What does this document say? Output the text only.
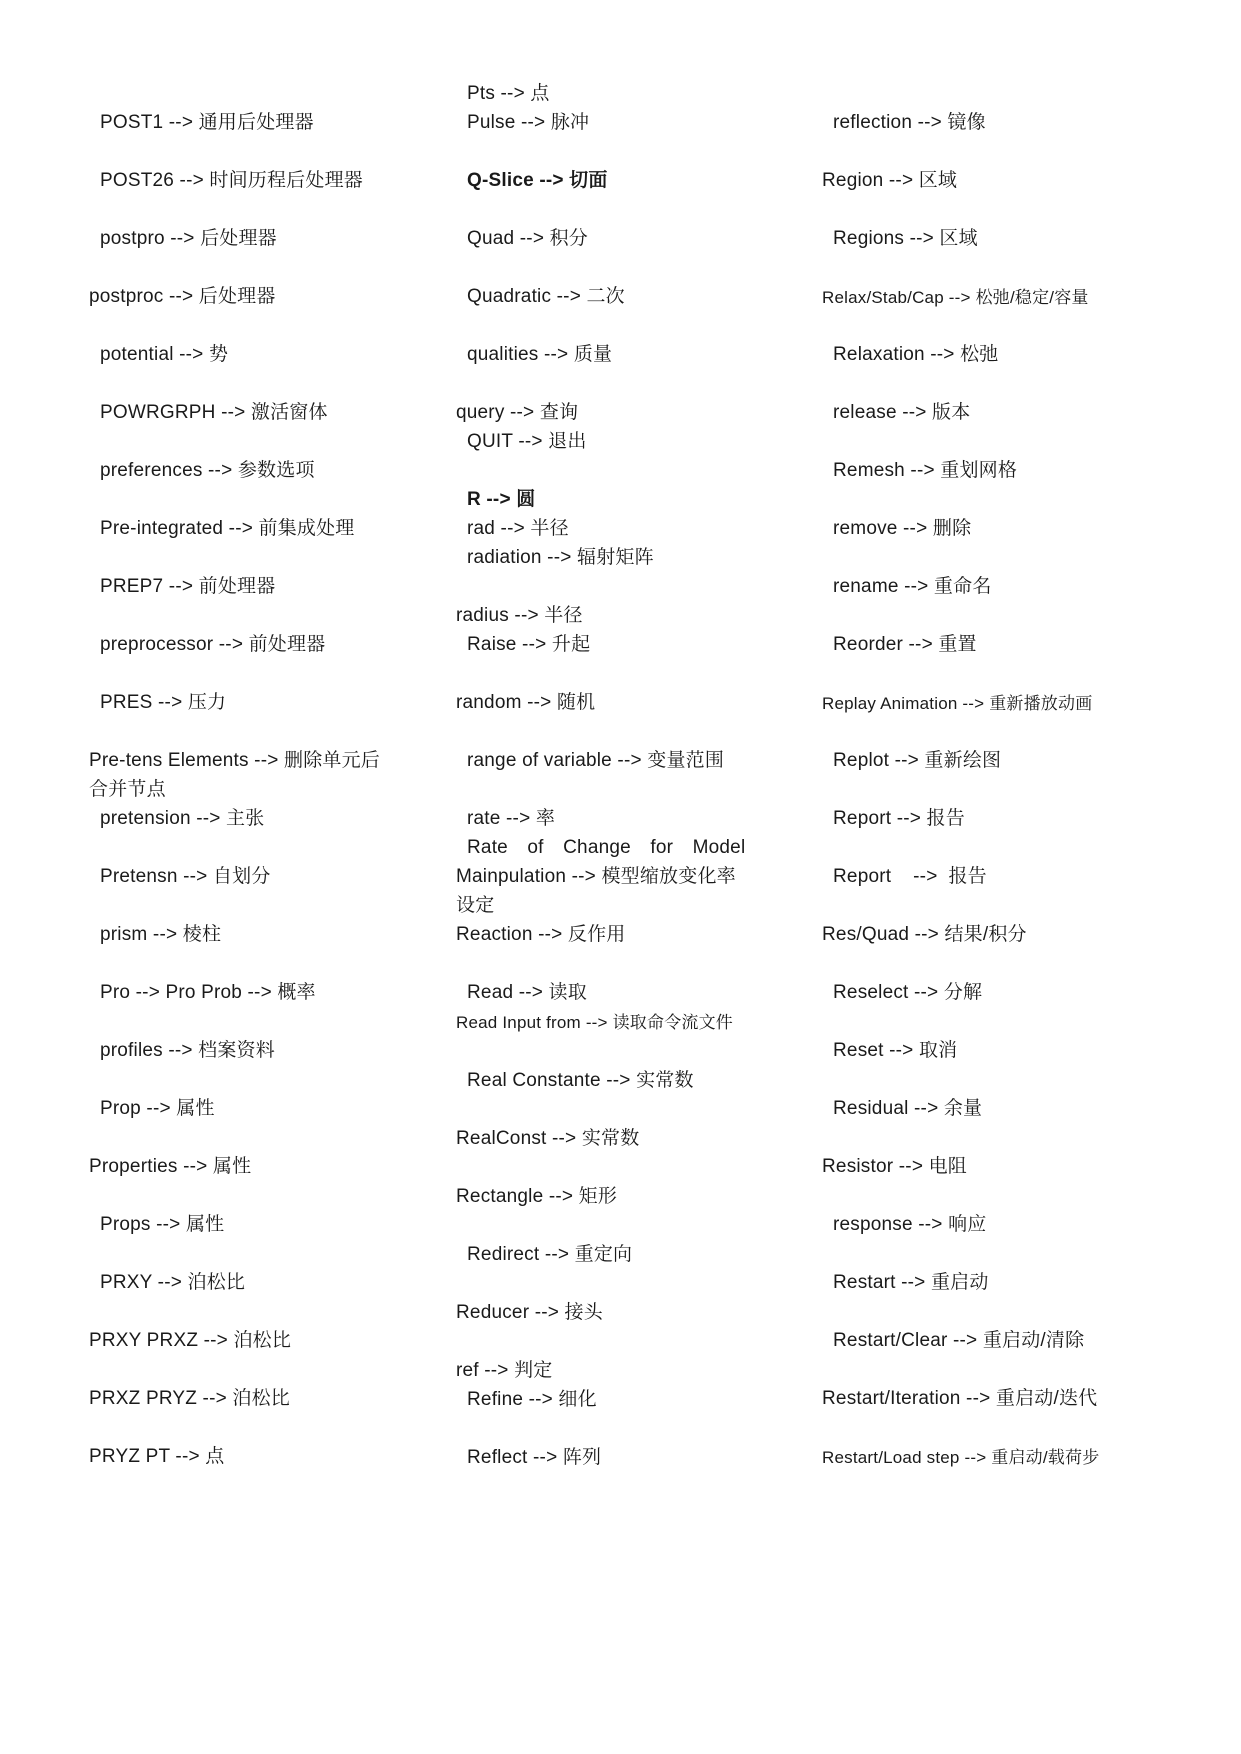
POST1 --> 通用后处理器
POST26 --> 时间历程后处理器
postpro --> 后处理器
postproc --> 后处理器
potential --> 势
POWRGRPH --> 激活窗体
preferences --> 参数选项
Pre-integrated --> 前集成处理
PREP7 --> 前处理器
preprocessor --> 前处理器
PRES --> 压力
Pre-tens Elements --> 删除单元后
合并节点
pretension --> 主张
Pretensn --> 自划分
prism --> 棱柱
Pro --> Pro Prob --> 概率
profiles --> 档案资料
Prop --> 属性
Properties --> 属性
Props --> 属性
PRXY --> 泊松比
PRXY PRXZ --> 泊松比
PRXZ PRYZ --> 泊松比
PRYZ PT --> 点
Pts --> 点
Pulse --> 脉冲
Q-Slice --> 切面
Quad --> 积分
Quadratic --> 二次
qualities --> 质量
query --> 查询
QUIT --> 退出
R --> 圆
rad --> 半径
radiation --> 辐射矩阵
radius --> 半径
Raise --> 升起
random --> 随机
range of variable --> 变量范围
rate --> 率
Rate of Change for Model
Mainpulation --> 模型缩放变化率
设定
Reaction --> 反作用
Read --> 读取
Read Input from --> 读取命令流文件
Real Constante --> 实常数
RealConst --> 实常数
Rectangle --> 矩形
Redirect --> 重定向
Reducer --> 接头
ref --> 判定
Refine --> 细化
Reflect --> 阵列
reflection --> 镜像
Region --> 区域
Regions --> 区域
Relax/Stab/Cap --> 松弛/稳定/容量
Relaxation --> 松弛
release --> 版本
Remesh --> 重划网格
remove --> 删除
rename --> 重命名
Reorder --> 重置
Replay Animation --> 重新播放动画
Replot --> 重新绘图
Report --> 报告
Report    -->  报告
Res/Quad --> 结果/积分
Reselect --> 分解
Reset --> 取消
Residual --> 余量
Resistor --> 电阻
response --> 响应
Restart --> 重启动
Restart/Clear --> 重启动/清除
Restart/Iteration --> 重启动/迭代
Restart/Load step --> 重启动/载荷步
